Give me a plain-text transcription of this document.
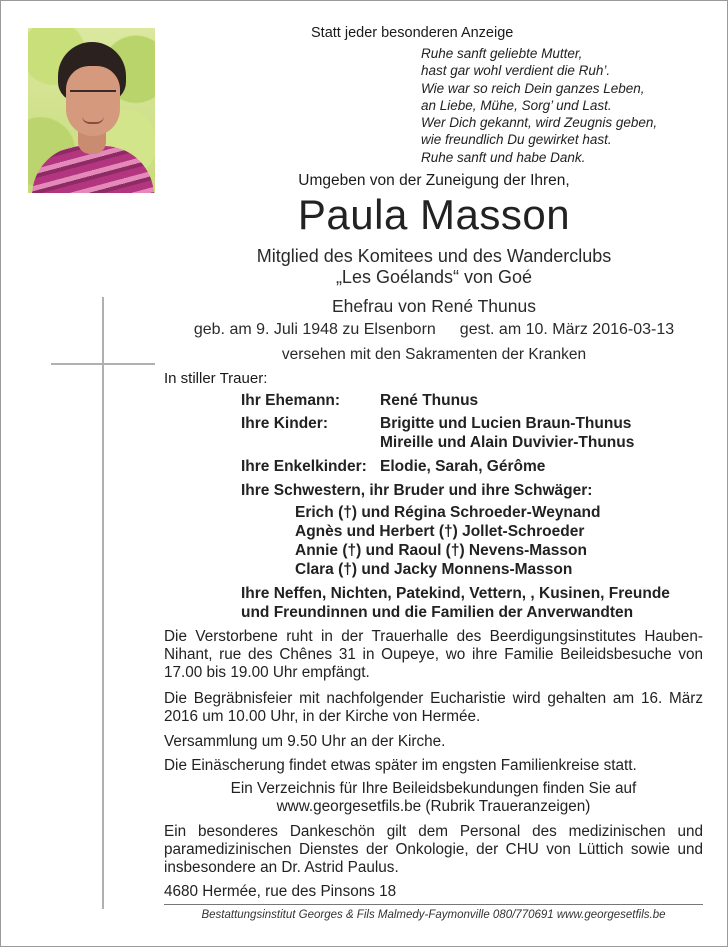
Statt jeder besonderen Anzeige
Ruhe sanft geliebte Mutter,
hast gar wohl verdient die Ruh’.
Wie war so reich Dein ganzes Leben,
an Liebe, Mühe, Sorg’ und Last.
Wer Dich gekannt, wird Zeugnis geben,
wie freundlich Du gewirket hast.
Ruhe sanft und habe Dank.
Umgeben von der Zuneigung der Ihren,
Paula Masson
Mitglied des Komitees und des Wanderclubs
„Les Goélands“ von Goé
Ehefrau von René Thunus
geb. am 9. Juli 1948 zu Elsenborn gest. am 10. März 2016-03-13
versehen mit den Sakramenten der Kranken
In stiller Trauer:
Ihr Ehemann:	René Thunus
Ihre Kinder:	Brigitte und Lucien Braun-Thunus
Mireille und Alain Duvivier-Thunus
Ihre Enkelkinder: Elodie, Sarah, Gérôme
Ihre Schwestern, ihr Bruder und ihre Schwäger:
Erich (†) und Régina Schroeder-Weynand
Agnès und Herbert (†) Jollet-Schroeder
Annie (†) und Raoul (†) Nevens-Masson
Clara (†) und Jacky Monnens-Masson
Ihre Neffen, Nichten, Patekind, Vettern, , Kusinen, Freunde
und Freundinnen und die Familien der Anverwandten
Die Verstorbene ruht in der Trauerhalle des Beerdigungsinstitutes Hauben-Nihant, rue des Chênes 31 in Oupeye, wo ihre Familie Beileidsbesuche von 17.00 bis 19.00 Uhr empfängt.
Die Begräbnisfeier mit nachfolgender Eucharistie wird gehalten am 16. März 2016 um 10.00 Uhr, in der Kirche von Hermée.
Versammlung um 9.50 Uhr an der Kirche.
Die Einäscherung findet etwas später im engsten Familienkreise statt.
Ein Verzeichnis für Ihre Beileidsbekundungen finden Sie auf
www.georgesetfils.be (Rubrik Traueranzeigen)
Ein besonderes Dankeschön gilt dem Personal des medizinischen und paramedizinischen Dienstes der Onkologie, der CHU von Lüttich sowie und insbesondere an Dr. Astrid Paulus.
4680 Hermée, rue des Pinsons 18
Bestattungsinstitut Georges & Fils Malmedy-Faymonville 080/770691 www.georgesetfils.be
